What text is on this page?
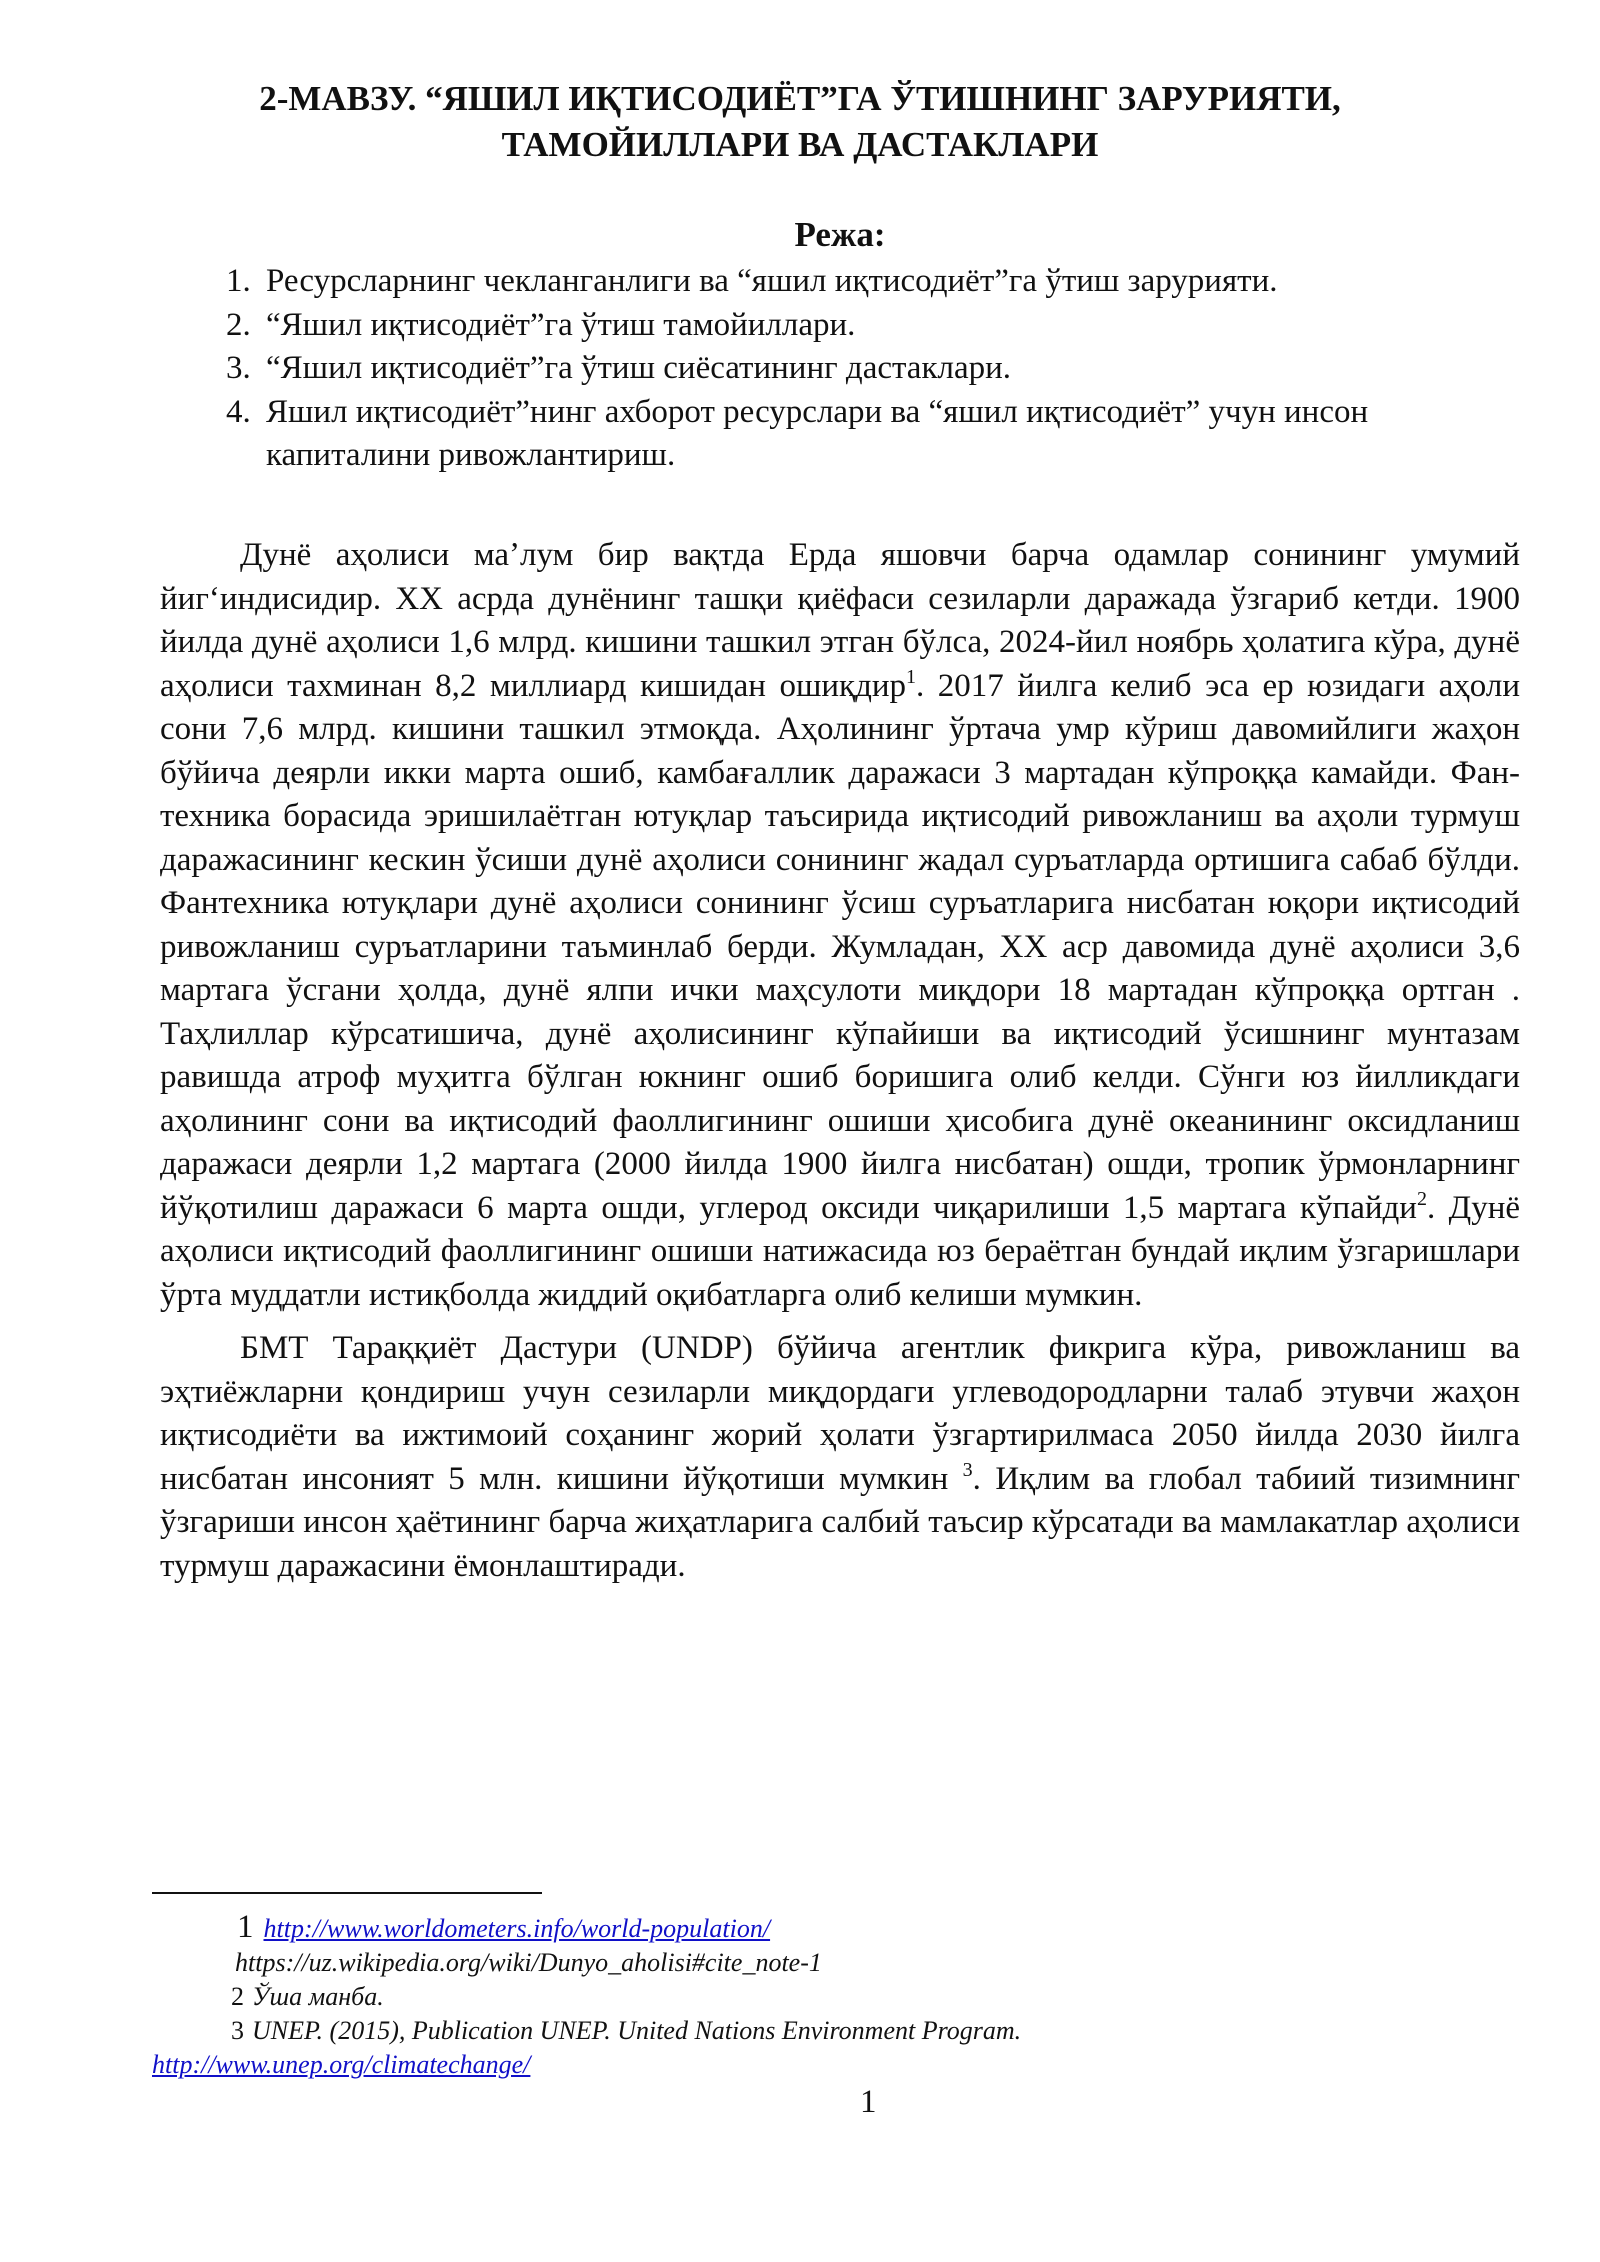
2-МАВЗУ. “ЯШИЛ ИҚТИСОДИЁТ”ГА ЎТИШНИНГ ЗАРУРИЯТИ,
ТАМОЙИЛЛАРИ ВА ДАСТАКЛАРИ
Режа:
1. Ресурсларнинг чекланганлиги ва “яшил иқтисодиёт”га ўтиш зарурияти.
2. “Яшил иқтисодиёт”га ўтиш тамойиллари.
3. “Яшил иқтисодиёт”га ўтиш сиёсатининг дастаклари.
4. Яшил иқтисодиёт”нинг ахборот ресурслари ва “яшил иқтисодиёт” учун инсон капиталини ривожлантириш.

Дунё аҳолиси маʼлум бир вақтда Ерда яшовчи барча одамлар сонининг умумий йигʻиндисидир. XX асрда дунёнинг ташқи қиёфаси сезиларли даражада ўзгариб кетди. 1900 йилда дунё аҳолиси 1,6 млрд. кишини ташкил этган бўлса, 2024-йил ноябрь ҳолатига кўра, дунё аҳолиси тахминан 8,2 миллиард кишидан ошиқдир$^1$. 2017 йилга келиб эса ер юзидаги аҳоли сони 7,6 млрд. кишини ташкил этмоқда. Аҳолининг ўртача умр кўриш давомийлиги жаҳон бўйича деярли икки марта ошиб, камбағаллик даражаси 3 мартадан кўпроққа камайди. Фан-техника борасида эришилаётган ютуқлар таъсирида иқтисодий ривожланиш ва аҳоли турмуш даражасининг кескин ўсиши дунё аҳолиси сонининг жадал суръатларда ортишига сабаб бўлди. Фантехника ютуқлари дунё аҳолиси сонининг ўсиш суръатларига нисбатан юқори иқтисодий ривожланиш суръатларини таъминлаб берди. Жумладан, XX аср давомида дунё аҳолиси 3,6 мартага ўсгани ҳолда, дунё ялпи ички маҳсулоти миқдори 18 мартадан кўпроққа ортган . Таҳлиллар кўрсатишича, дунё аҳолисининг кўпайиши ва иқтисодий ўсишнинг мунтазам равишда атроф муҳитга бўлган юкнинг ошиб боришига олиб келди. Сўнги юз йилликдаги аҳолининг сони ва иқтисодий фаоллигининг ошиши ҳисобига дунё океанининг оксидланиш даражаси деярли 1,2 мартага (2000 йилда 1900 йилга нисбатан) ошди, тропик ўрмонларнинг йўқотилиш даражаси 6 марта ошди, углерод оксиди чиқарилиши 1,5 мартага кўпайди$^2$. Дунё аҳолиси иқтисодий фаоллигининг ошиши натижасида юз бераётган бундай иқлим ўзгаришлари ўрта муддатли истиқболда жиддий оқибатларга олиб келиши мумкин.

БМТ Тараққиёт Дастури (UNDP) бўйича агентлик фикрига кўра, ривожланиш ва эҳтиёжларни қондириш учун сезиларли миқдордаги углеводородларни талаб этувчи жаҳон иқтисодиёти ва ижтимоий соҳанинг жорий ҳолати ўзгартирилмаса 2050 йилда 2030 йилга нисбатан инсоният 5 млн. кишини йўқотиши мумкин $^3$. Иқлим ва глобал табиий тизимнинг ўзгариши инсон ҳаётининг барча жиҳатларига салбий таъсир кўрсатади ва мамлакатлар аҳолиси турмуш даражасини ёмонлаштиради.

1 http://www.worldometers.info/world-population/
https://uz.wikipedia.org/wiki/Dunyo_aholisi#cite_note-1
2 Ўша манба.
3 UNEP. (2015), Publication UNEP. United Nations Environment Program.
http://www.unep.org/climatechange/
1
